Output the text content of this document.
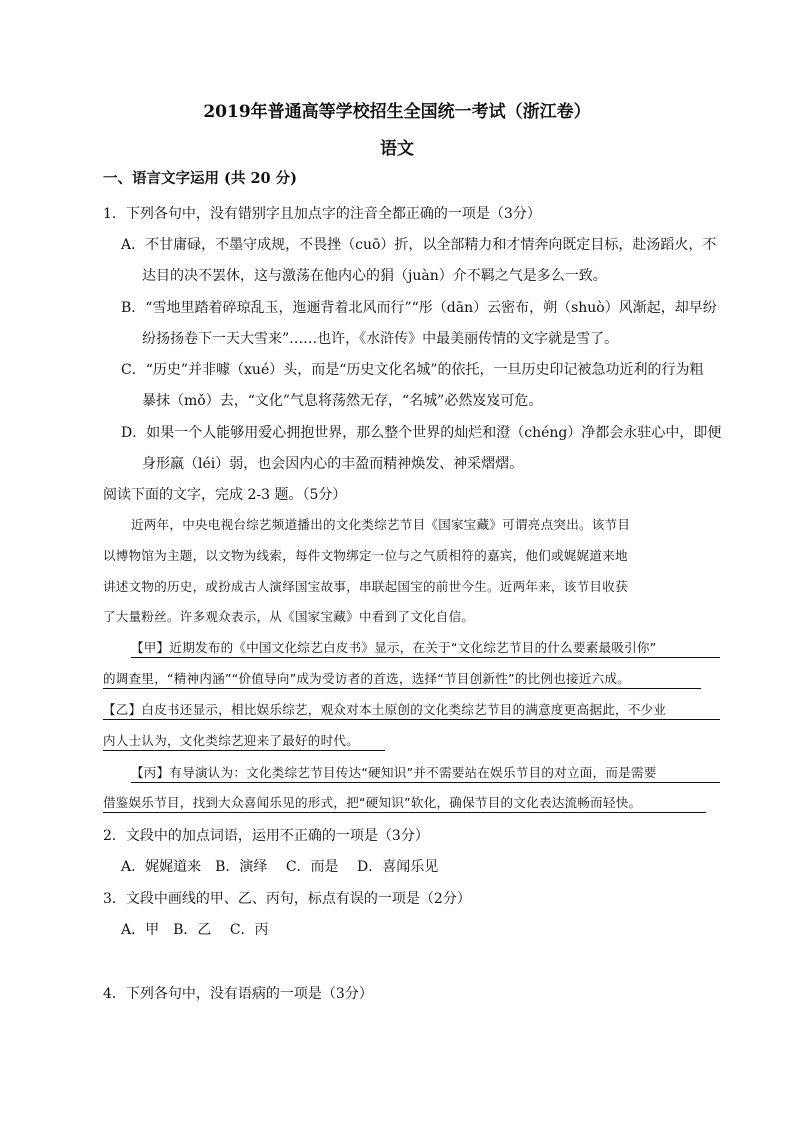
2019年普通高等学校招生全国统一考试（浙江卷）
语文
一、语言文字运用 (共 20 分)
1．下列各句中，没有错别字且加点字的注音全都正确的一项是（3分）
A．不甘庸碌，不墨守成规，不畏挫（cuō）折，以全部精力和才情奔向既定目标，赴汤蹈火，不
达目的决不罢休，这与激荡在他内心的狷（juàn）介不羁之气是多么一致。
B．“雪地里踏着碎琼乱玉，迤逦背着北风而行”“彤（dān）云密布，朔（shuò）风渐起，却早纷
纷扬扬卷下一天大雪来”……也许，《水浒传》中最美丽传情的文字就是雪了。
C．“历史”并非噱（xué）头，而是“历史文化名城”的依托，一旦历史印记被急功近利的行为粗
暴抹（mǒ）去，“文化”气息将荡然无存，“名城”必然岌岌可危。
D．如果一个人能够用爱心拥抱世界，那么整个世界的灿烂和澄（chéng）净都会永驻心中，即便
身形羸（léi）弱，也会因内心的丰盈而精神焕发、神采熠熠。
阅读下面的文字，完成 2-3 题。（5分）
近两年，中央电视台综艺频道播出的文化类综艺节目《国家宝藏》可谓亮点突出。该节目
以博物馆为主题，以文物为线索，每件文物绑定一位与之气质相符的嘉宾，他们或娓娓道来地
讲述文物的历史，或扮成古人演绎国宝故事，串联起国宝的前世今生。近两年来，该节目收获
了大量粉丝。许多观众表示，从《国家宝藏》中看到了文化自信。
【甲】近期发布的《中国文化综艺白皮书》显示，在关于“文化综艺节目的什么要素最吸引你”
的调查里，“精神内涵”“价值导向”成为受访者的首选，选择“节目创新性”的比例也接近六成。
【乙】白皮书还显示，相比娱乐综艺，观众对本土原创的文化类综艺节目的满意度更高据此，不少业
内人士认为，文化类综艺迎来了最好的时代。
【丙】有导演认为：文化类综艺节目传达“硬知识”并不需要站在娱乐节目的对立面，而是需要
借鉴娱乐节目，找到大众喜闻乐见的形式，把“硬知识”软化，确保节目的文化表达流畅而轻快。
2．文段中的加点词语，运用不正确的一项是（3分）
A．娓娓道来　B．演绎　 C．而是　 D．喜闻乐见
3．文段中画线的甲、乙、丙句，标点有误的一项是（2分）
A．甲　B．乙　 C．丙
4．下列各句中，没有语病的一项是（3分）
